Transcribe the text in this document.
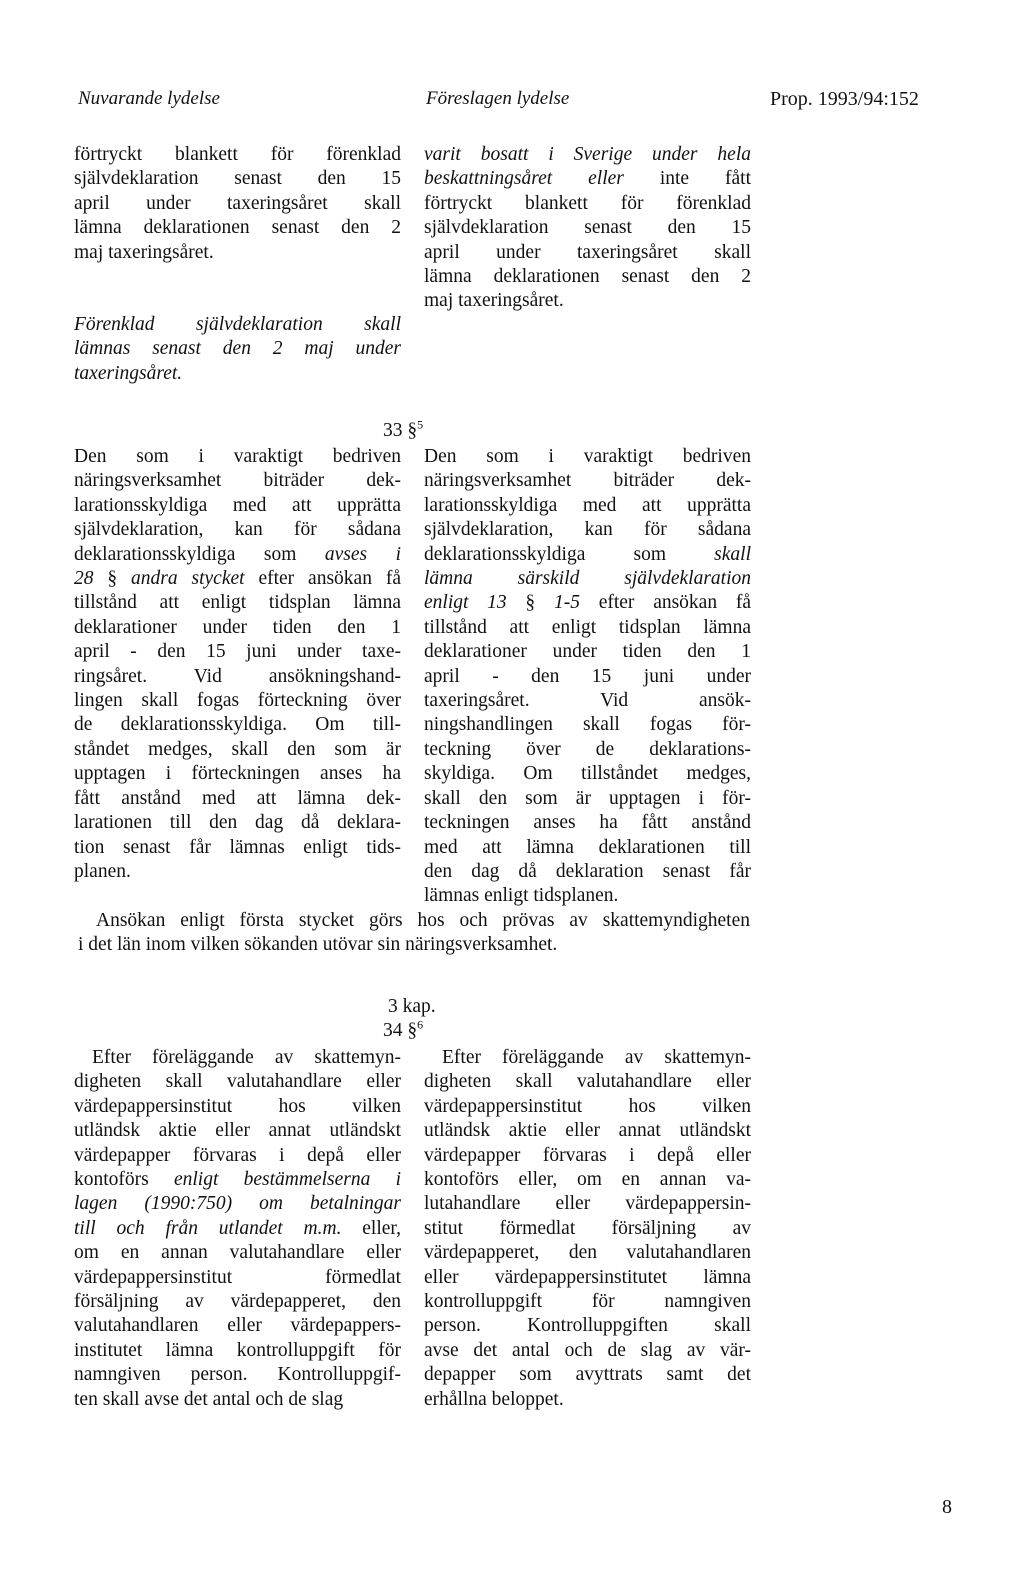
Nuvarande lydelse	Föreslagen lydelse	Prop. 1993/94:152
förtryckt blankett för förenklad
självdeklaration senast den 15
april under taxeringsåret skall
lämna deklarationen senast den 2
maj taxeringsåret.
Förenklad självdeklaration skall
lämnas senast den 2 maj under
taxeringsåret.
varit bosatt i Sverige under hela
beskattningsåret eller inte fått
förtryckt blankett för förenklad
självdeklaration senast den 15
april under taxeringsåret skall
lämna deklarationen senast den 2
maj taxeringsåret.
33 §$^5$
Den som i varaktigt bedriven
näringsverksamhet biträder dek-
larationsskyldiga med att upprätta
självdeklaration, kan för sådana
deklarationsskyldiga som avses i
28 § andra stycket efter ansökan få
tillstånd att enligt tidsplan lämna
deklarationer under tiden den 1
april - den 15 juni under taxe-
ringsåret. Vid ansökningshand-
lingen skall fogas förteckning över
de deklarationsskyldiga. Om till-
ståndet medges, skall den som är
upptagen i förteckningen anses ha
fått anstånd med att lämna dek-
larationen till den dag då deklara-
tion senast får lämnas enligt tids-
planen.
Den som i varaktigt bedriven
näringsverksamhet biträder dek-
larationsskyldiga med att upprätta
självdeklaration, kan för sådana
deklarationsskyldiga som skall
lämna särskild självdeklaration
enligt 13 § 1-5 efter ansökan få
tillstånd att enligt tidsplan lämna
deklarationer under tiden den 1
april - den 15 juni under
taxeringsåret. Vid ansök-
ningshandlingen skall fogas för-
teckning över de deklarations-
skyldiga. Om tillståndet medges,
skall den som är upptagen i för-
teckningen anses ha fått anstånd
med att lämna deklarationen till
den dag då deklaration senast får
lämnas enligt tidsplanen.
Ansökan enligt första stycket görs hos och prövas av skattemyndigheten
i det län inom vilken sökanden utövar sin näringsverksamhet.
3 kap.
34 §$^6$
Efter föreläggande av skattemyn-
digheten skall valutahandlare eller
värdepappersinstitut hos vilken
utländsk aktie eller annat utländskt
värdepapper förvaras i depå eller
kontoförs enligt bestämmelserna i
lagen (1990:750) om betalningar
till och från utlandet m.m. eller,
om en annan valutahandlare eller
värdepappersinstitut förmedlat
försäljning av värdepapperet, den
valutahandlaren eller värdepappers-
institutet lämna kontrolluppgift för
namngiven person. Kontrolluppgif-
ten skall avse det antal och de slag
Efter föreläggande av skattemyn-
digheten skall valutahandlare eller
värdepappersinstitut hos vilken
utländsk aktie eller annat utländskt
värdepapper förvaras i depå eller
kontoförs eller, om en annan va-
lutahandlare eller värdepappersin-
stitut förmedlat försäljning av
värdepapperet, den valutahandlaren
eller värdepappersinstitutet lämna
kontrolluppgift för namngiven
person. Kontrolluppgiften skall
avse det antal och de slag av vär-
depapper som avyttrats samt det
erhållna beloppet.
8
